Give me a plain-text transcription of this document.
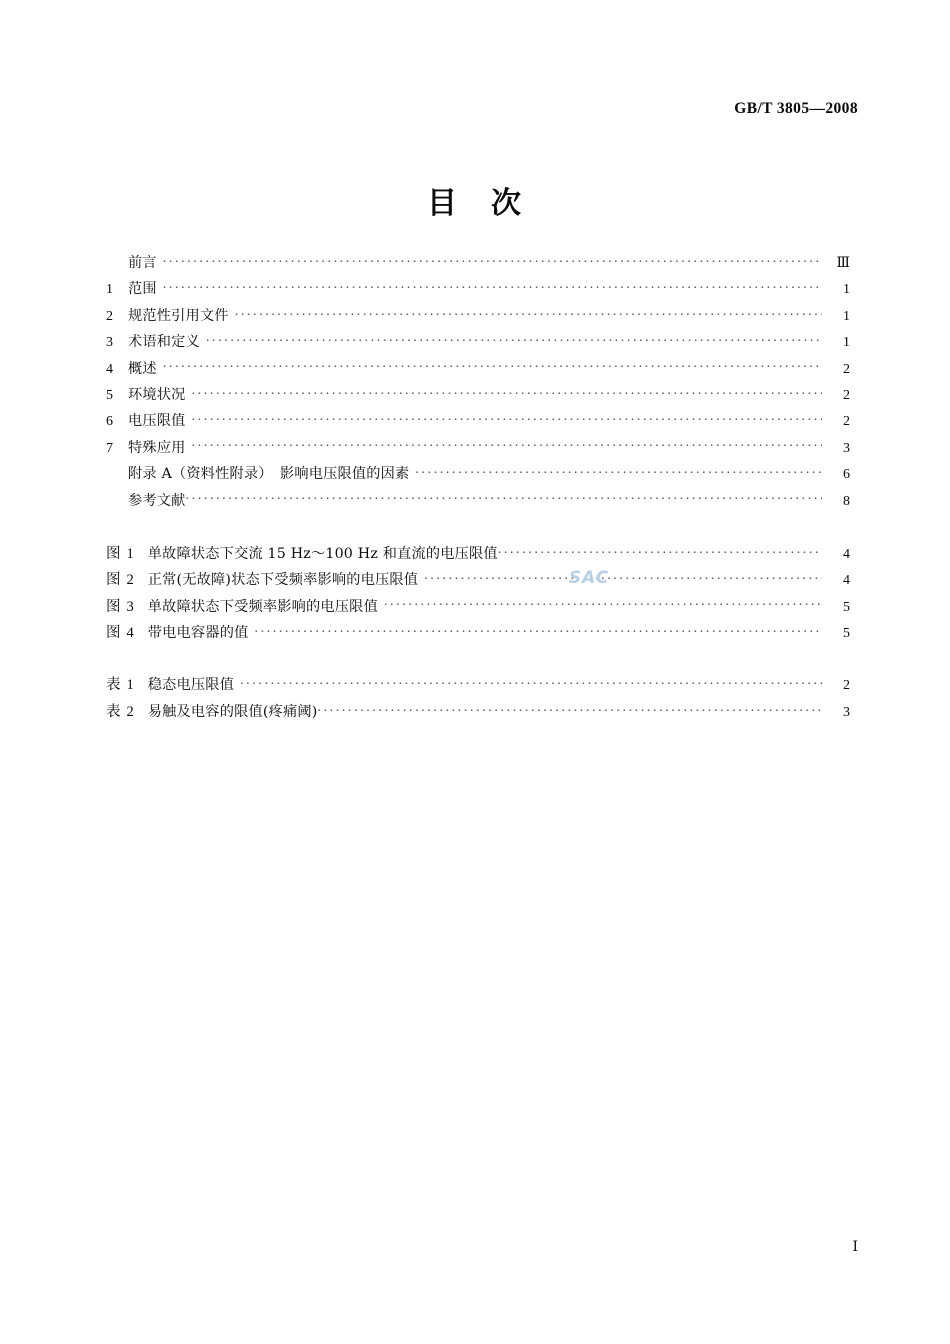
GB/T 3805—2008
目　次
前言 .....	Ⅲ
1	范围 .....	1
2	规范性引用文件 .....	1
3	术语和定义 .....	1
4	概述 .....	2
5	环境状况 .....	2
6	电压限值 .....	2
7	特殊应用 .....	3
附录 A（资料性附录）　影响电压限值的因素 .....	6
参考文献 .....	8
图 1 单故障状态下交流 15 Hz～100 Hz 和直流的电压限值 .....	4
图 2 正常(无故障)状态下受频率影响的电压限值 .....	4
图 3 单故障状态下受频率影响的电压限值 .....	5
图 4 带电电容器的值 .....	5
表 1 稳态电压限值 .....	2
表 2 易触及电容的限值(疼痛阈) .....	3
SAC
Ⅰ
